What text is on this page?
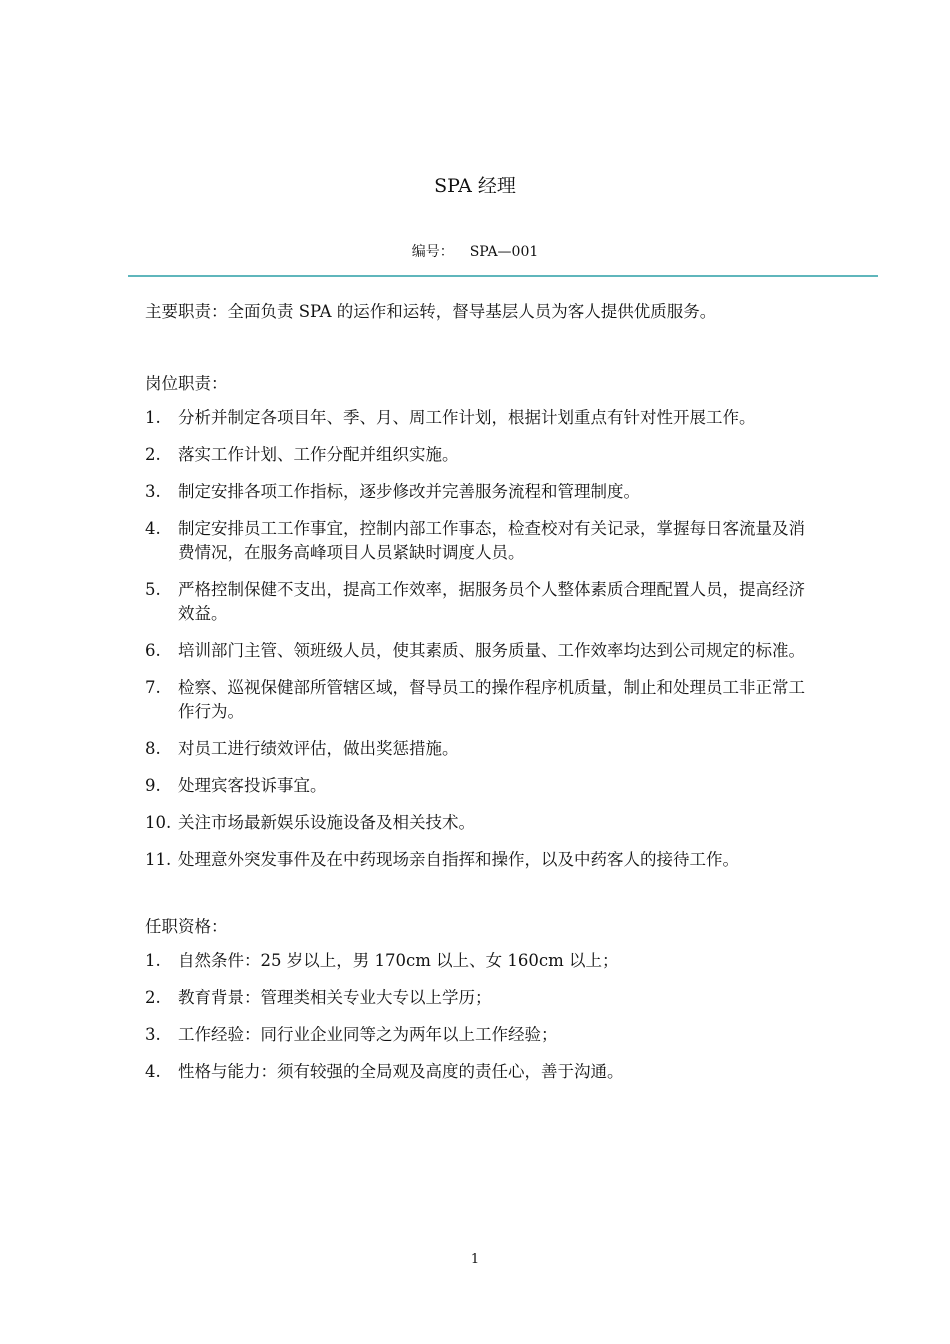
SPA 经理
编号： SPA—001

主要职责：全面负责 SPA 的运作和运转，督导基层人员为客人提供优质服务。

岗位职责：
1. 分析并制定各项目年、季、月、周工作计划，根据计划重点有针对性开展工作。
2. 落实工作计划、工作分配并组织实施。
3. 制定安排各项工作指标，逐步修改并完善服务流程和管理制度。
4. 制定安排员工工作事宜，控制内部工作事态，检查校对有关记录，掌握每日客流量及消费情况，在服务高峰项目人员紧缺时调度人员。
5. 严格控制保健不支出，提高工作效率，据服务员个人整体素质合理配置人员，提高经济效益。
6. 培训部门主管、领班级人员，使其素质、服务质量、工作效率均达到公司规定的标准。
7. 检察、巡视保健部所管辖区域，督导员工的操作程序机质量，制止和处理员工非正常工作行为。
8. 对员工进行绩效评估，做出奖惩措施。
9. 处理宾客投诉事宜。
10. 关注市场最新娱乐设施设备及相关技术。
11. 处理意外突发事件及在中药现场亲自指挥和操作，以及中药客人的接待工作。
任职资格：
1. 自然条件：25 岁以上，男 170cm 以上、女 160cm 以上；
2. 教育背景：管理类相关专业大专以上学历；
3. 工作经验：同行业企业同等之为两年以上工作经验；
4. 性格与能力：须有较强的全局观及高度的责任心，善于沟通。
1
